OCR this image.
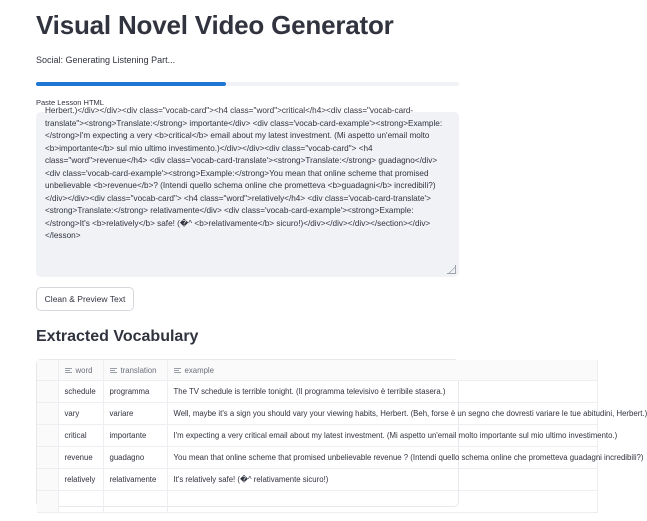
Visual Novel Video Generator
Social: Generating Listening Part...
Paste Lesson HTML
Herbert.)</div></div><div class="vocab-card"><h4 class="word">critical</h4><div class="vocab-card-translate"><strong>Translate:</strong> importante</div> <div class='vocab-card-example'><strong>Example:</strong>I'm expecting a very <b>critical</b> email about my latest investment. (Mi aspetto un'email molto <b>importante</b> sul mio ultimo investimento.)</div></div><div class="vocab-card"> <h4 class="word">revenue</h4> <div class='vocab-card-translate'><strong>Translate:</strong> guadagno</div> <div class='vocab-card-example'><strong>Example:</strong>You mean that online scheme that promised unbelievable <b>revenue</b>? (Intendi quello schema online che prometteva <b>guadagni</b> incredibili?)</div></div><div class="vocab-card"> <h4 class="word">relatively</h4> <div class='vocab-card-translate'><strong>Translate:</strong> relativamente</div> <div class='vocab-card-example'><strong>Example:</strong>It's <b>relatively</b> safe! (�^ <b>relativamente</b> sicuro!)</div></div></div></section></div></lesson>
Clean & Preview Text
Extracted Vocabulary
	word	translation	example
	schedule	programma	The TV schedule is terrible tonight. (Il programma televisivo è terribile stasera.)
	vary	variare	Well, maybe it's a sign you should vary your viewing habits, Herbert. (Beh, forse è un segno che dovresti variare le tue abitudini, Herbert.)
	critical	importante	I'm expecting a very critical email about my latest investment. (Mi aspetto un'email molto importante sul mio ultimo investimento.)
	revenue	guadagno	You mean that online scheme that promised unbelievable revenue ? (Intendi quello schema online che prometteva guadagni incredibili?)
	relatively	relativamente	It's relatively safe! (�^ relativamente sicuro!)
